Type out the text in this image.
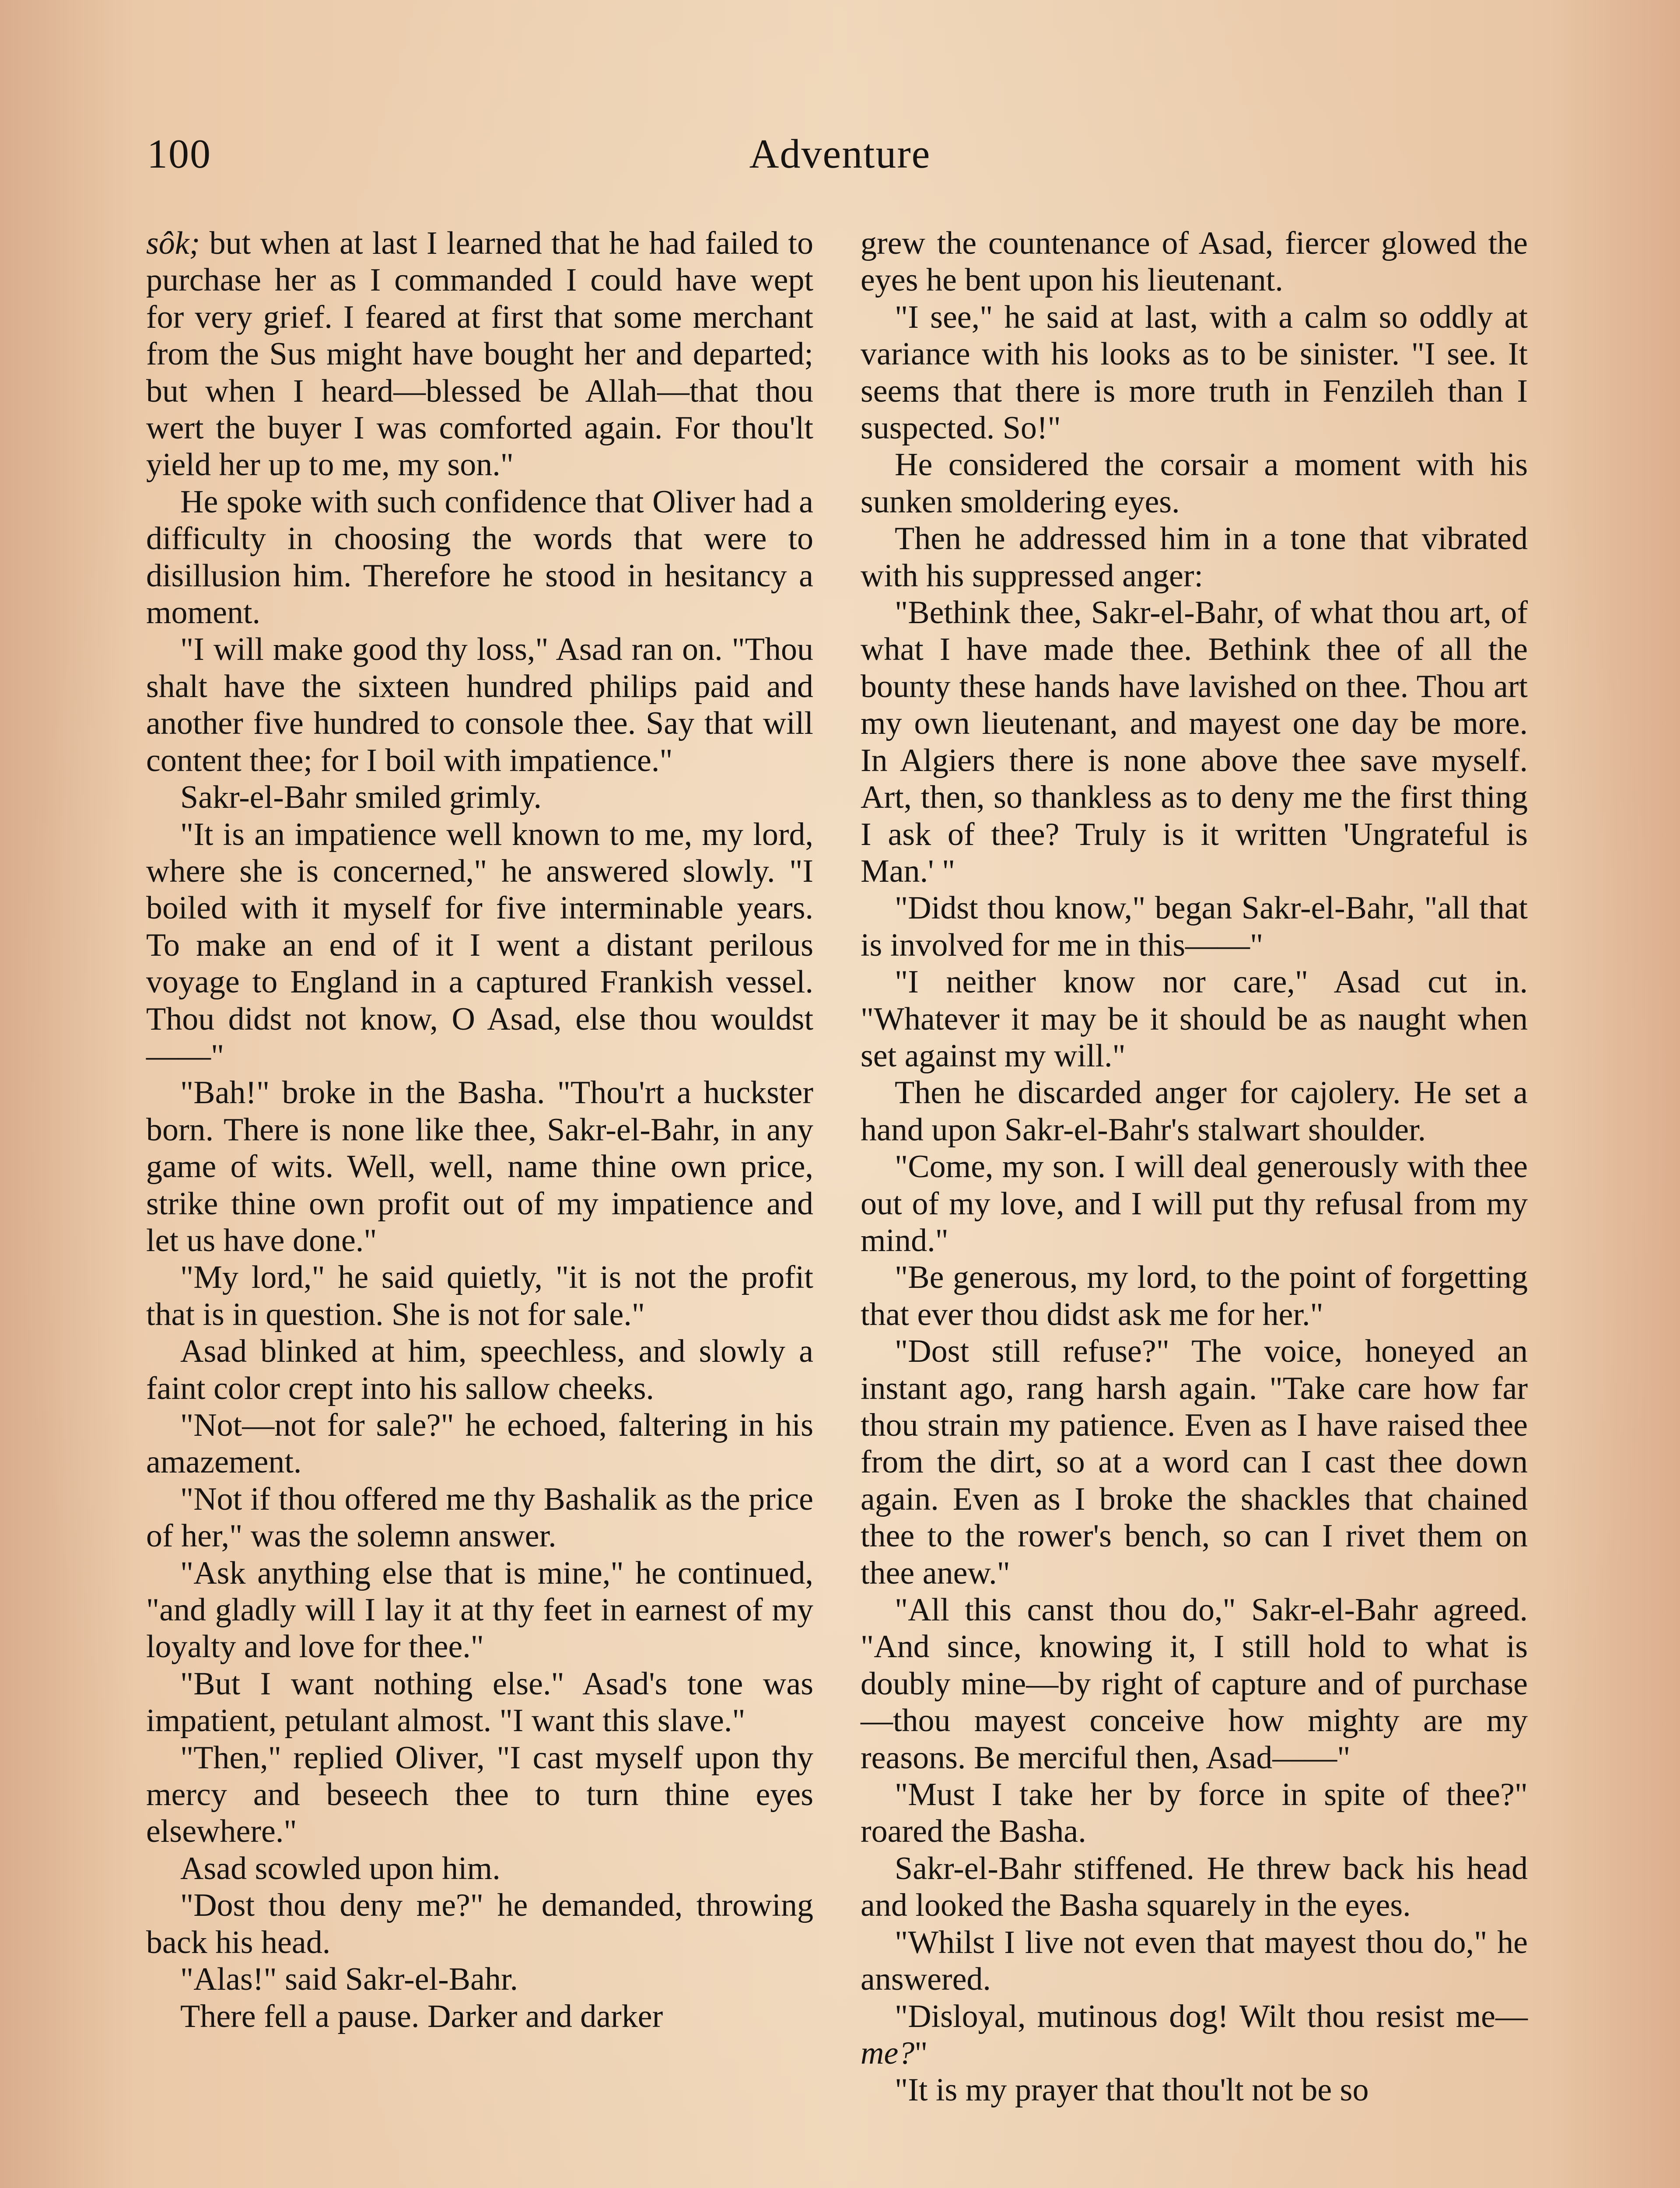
100	Adventure

sôk; but when at last I learned that he had failed to purchase her as I commanded I could have wept for very grief. I feared at first that some merchant from the Sus might have bought her and departed; but when I heard—blessed be Allah—that thou wert the buyer I was comforted again. For thou'lt yield her up to me, my son."

He spoke with such confidence that Oliver had a difficulty in choosing the words that were to disillusion him. Therefore he stood in hesitancy a moment.

"I will make good thy loss," Asad ran on. "Thou shalt have the sixteen hundred philips paid and another five hundred to console thee. Say that will content thee; for I boil with impatience."

Sakr-el-Bahr smiled grimly.

"It is an impatience well known to me, my lord, where she is concerned," he answered slowly. "I boiled with it myself for five interminable years. To make an end of it I went a distant perilous voyage to England in a captured Frankish vessel. Thou didst not know, O Asad, else thou wouldst——"

"Bah!" broke in the Basha. "Thou'rt a huckster born. There is none like thee, Sakr-el-Bahr, in any game of wits. Well, well, name thine own price, strike thine own profit out of my impatience and let us have done."

"My lord," he said quietly, "it is not the profit that is in question. She is not for sale."

Asad blinked at him, speechless, and slowly a faint color crept into his sallow cheeks.

"Not—not for sale?" he echoed, faltering in his amazement.

"Not if thou offered me thy Bashalik as the price of her," was the solemn answer.

"Ask anything else that is mine," he continued, "and gladly will I lay it at thy feet in earnest of my loyalty and love for thee."

"But I want nothing else." Asad's tone was impatient, petulant almost. "I want this slave."

"Then," replied Oliver, "I cast myself upon thy mercy and beseech thee to turn thine eyes elsewhere."

Asad scowled upon him.

"Dost thou deny me?" he demanded, throwing back his head.

"Alas!" said Sakr-el-Bahr.

There fell a pause. Darker and darker

grew the countenance of Asad, fiercer glowed the eyes he bent upon his lieutenant.

"I see," he said at last, with a calm so oddly at variance with his looks as to be sinister. "I see. It seems that there is more truth in Fenzileh than I suspected. So!"

He considered the corsair a moment with his sunken smoldering eyes.

Then he addressed him in a tone that vibrated with his suppressed anger:

"Bethink thee, Sakr-el-Bahr, of what thou art, of what I have made thee. Bethink thee of all the bounty these hands have lavished on thee. Thou art my own lieutenant, and mayest one day be more. In Algiers there is none above thee save myself. Art, then, so thankless as to deny me the first thing I ask of thee? Truly is it written 'Ungrateful is Man.' "

"Didst thou know," began Sakr-el-Bahr, "all that is involved for me in this——"

"I neither know nor care," Asad cut in. "Whatever it may be it should be as naught when set against my will."

Then he discarded anger for cajolery. He set a hand upon Sakr-el-Bahr's stalwart shoulder.

"Come, my son. I will deal generously with thee out of my love, and I will put thy refusal from my mind."

"Be generous, my lord, to the point of forgetting that ever thou didst ask me for her."

"Dost still refuse?" The voice, honeyed an instant ago, rang harsh again. "Take care how far thou strain my patience. Even as I have raised thee from the dirt, so at a word can I cast thee down again. Even as I broke the shackles that chained thee to the rower's bench, so can I rivet them on thee anew."

"All this canst thou do," Sakr-el-Bahr agreed. "And since, knowing it, I still hold to what is doubly mine—by right of capture and of purchase—thou mayest conceive how mighty are my reasons. Be merciful then, Asad——"

"Must I take her by force in spite of thee?" roared the Basha.

Sakr-el-Bahr stiffened. He threw back his head and looked the Basha squarely in the eyes.

"Whilst I live not even that mayest thou do," he answered.

"Disloyal, mutinous dog! Wilt thou resist me—me?"

"It is my prayer that thou'lt not be so
